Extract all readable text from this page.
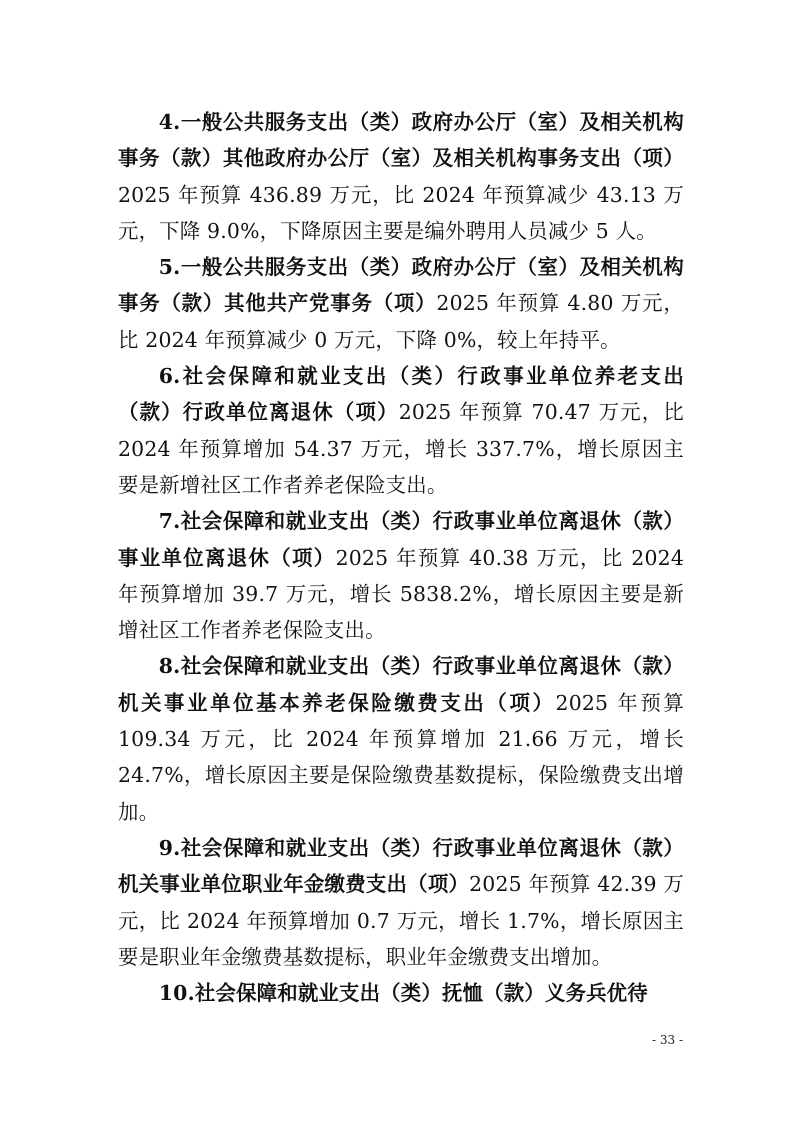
4.一般公共服务支出（类）政府办公厅（室）及相关机构事务（款）其他政府办公厅（室）及相关机构事务支出（项）2025 年预算 436.89 万元，比 2024 年预算减少 43.13 万元，下降 9.0%，下降原因主要是编外聘用人员减少 5 人。

5.一般公共服务支出（类）政府办公厅（室）及相关机构事务（款）其他共产党事务（项）2025 年预算 4.80 万元，比 2024 年预算减少 0 万元，下降 0%，较上年持平。

6.社会保障和就业支出（类）行政事业单位养老支出（款）行政单位离退休（项）2025 年预算 70.47 万元，比 2024 年预算增加 54.37 万元，增长 337.7%，增长原因主要是新增社区工作者养老保险支出。

7.社会保障和就业支出（类）行政事业单位离退休（款）事业单位离退休（项）2025 年预算 40.38 万元，比 2024 年预算增加 39.7 万元，增长 5838.2%，增长原因主要是新增社区工作者养老保险支出。

8.社会保障和就业支出（类）行政事业单位离退休（款）机关事业单位基本养老保险缴费支出（项）2025 年预算 109.34 万元，比 2024 年预算增加 21.66 万元，增长 24.7%，增长原因主要是保险缴费基数提标，保险缴费支出增加。

9.社会保障和就业支出（类）行政事业单位离退休（款）机关事业单位职业年金缴费支出（项）2025 年预算 42.39 万元，比 2024 年预算增加 0.7 万元，增长 1.7%，增长原因主要是职业年金缴费基数提标，职业年金缴费支出增加。

10.社会保障和就业支出（类）抚恤（款）义务兵优待

- 33 -
